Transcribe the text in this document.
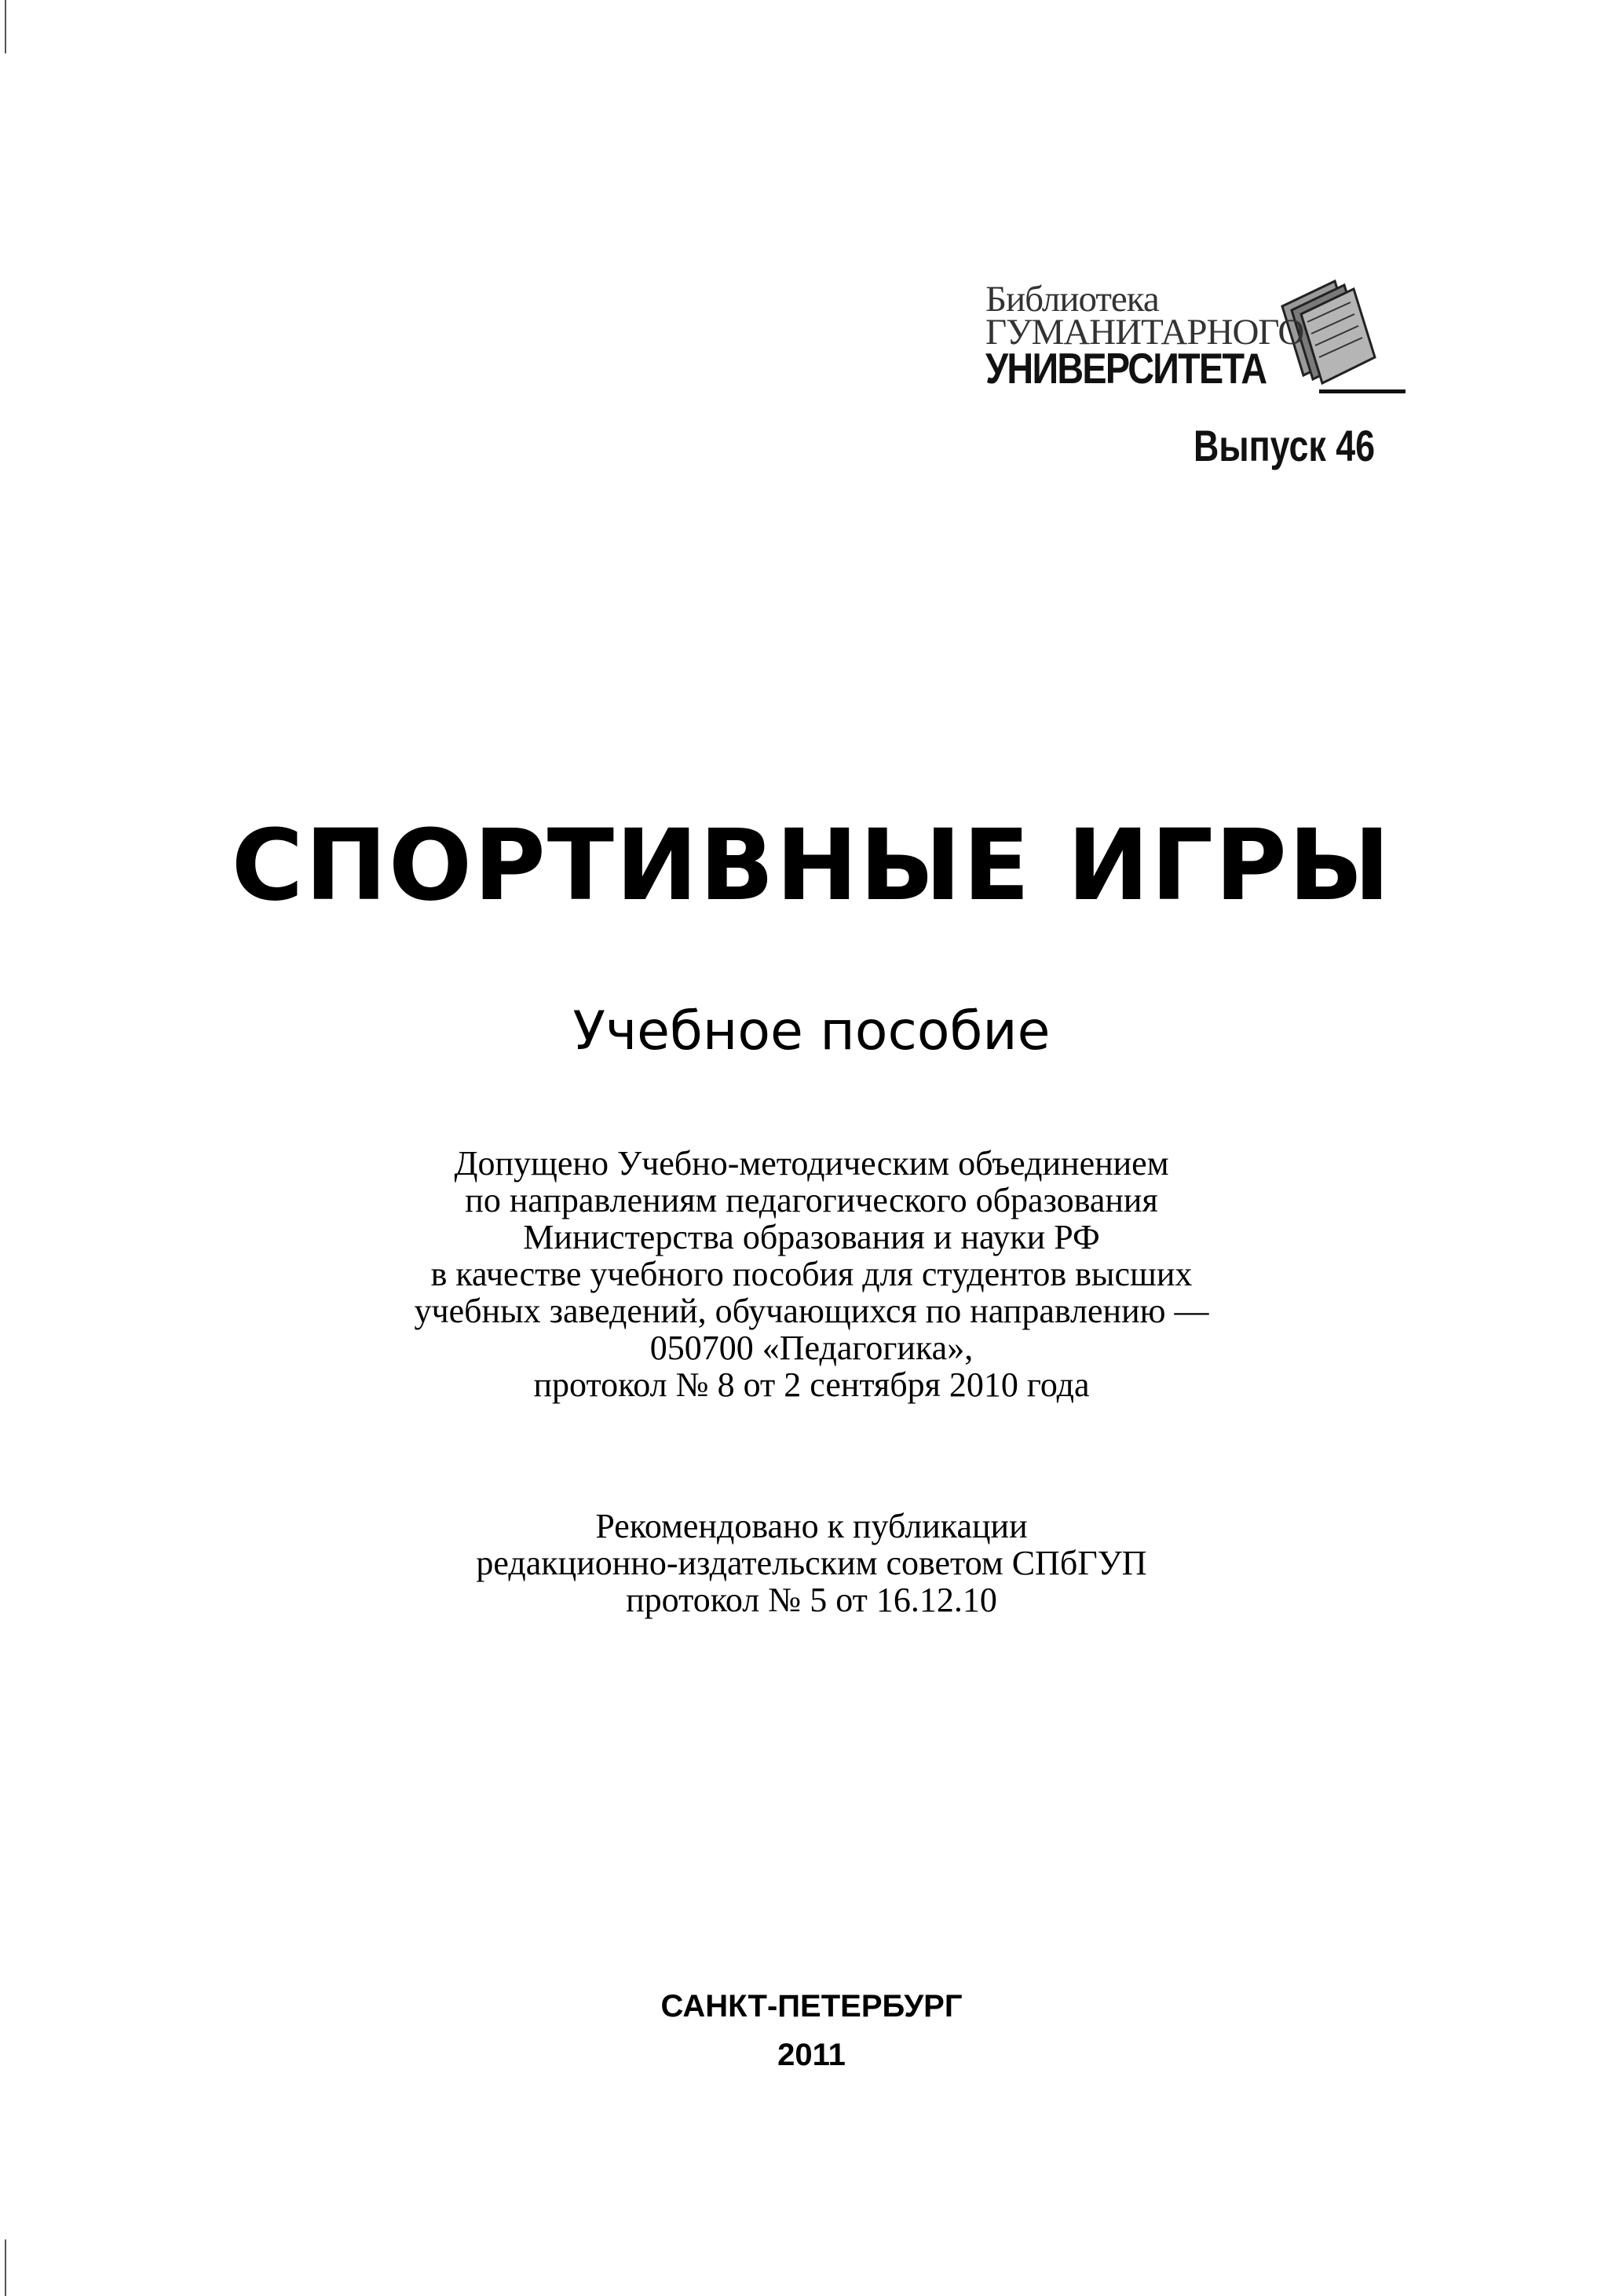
Библиотека
ГУМАНИТАРНОГО
УНИВЕРСИТЕТА
Выпуск 46
СПОРТИВНЫЕ ИГРЫ
Учебное пособие
Допущено Учебно-методическим объединением
по направлениям педагогического образования
Министерства образования и науки РФ
в качестве учебного пособия для студентов высших
учебных заведений, обучающихся по направлению —
050700 «Педагогика»,
протокол № 8 от 2 сентября 2010 года
Рекомендовано к публикации
редакционно-издательским советом СПбГУП
протокол № 5 от 16.12.10
САНКТ-ПЕТЕРБУРГ
2011
